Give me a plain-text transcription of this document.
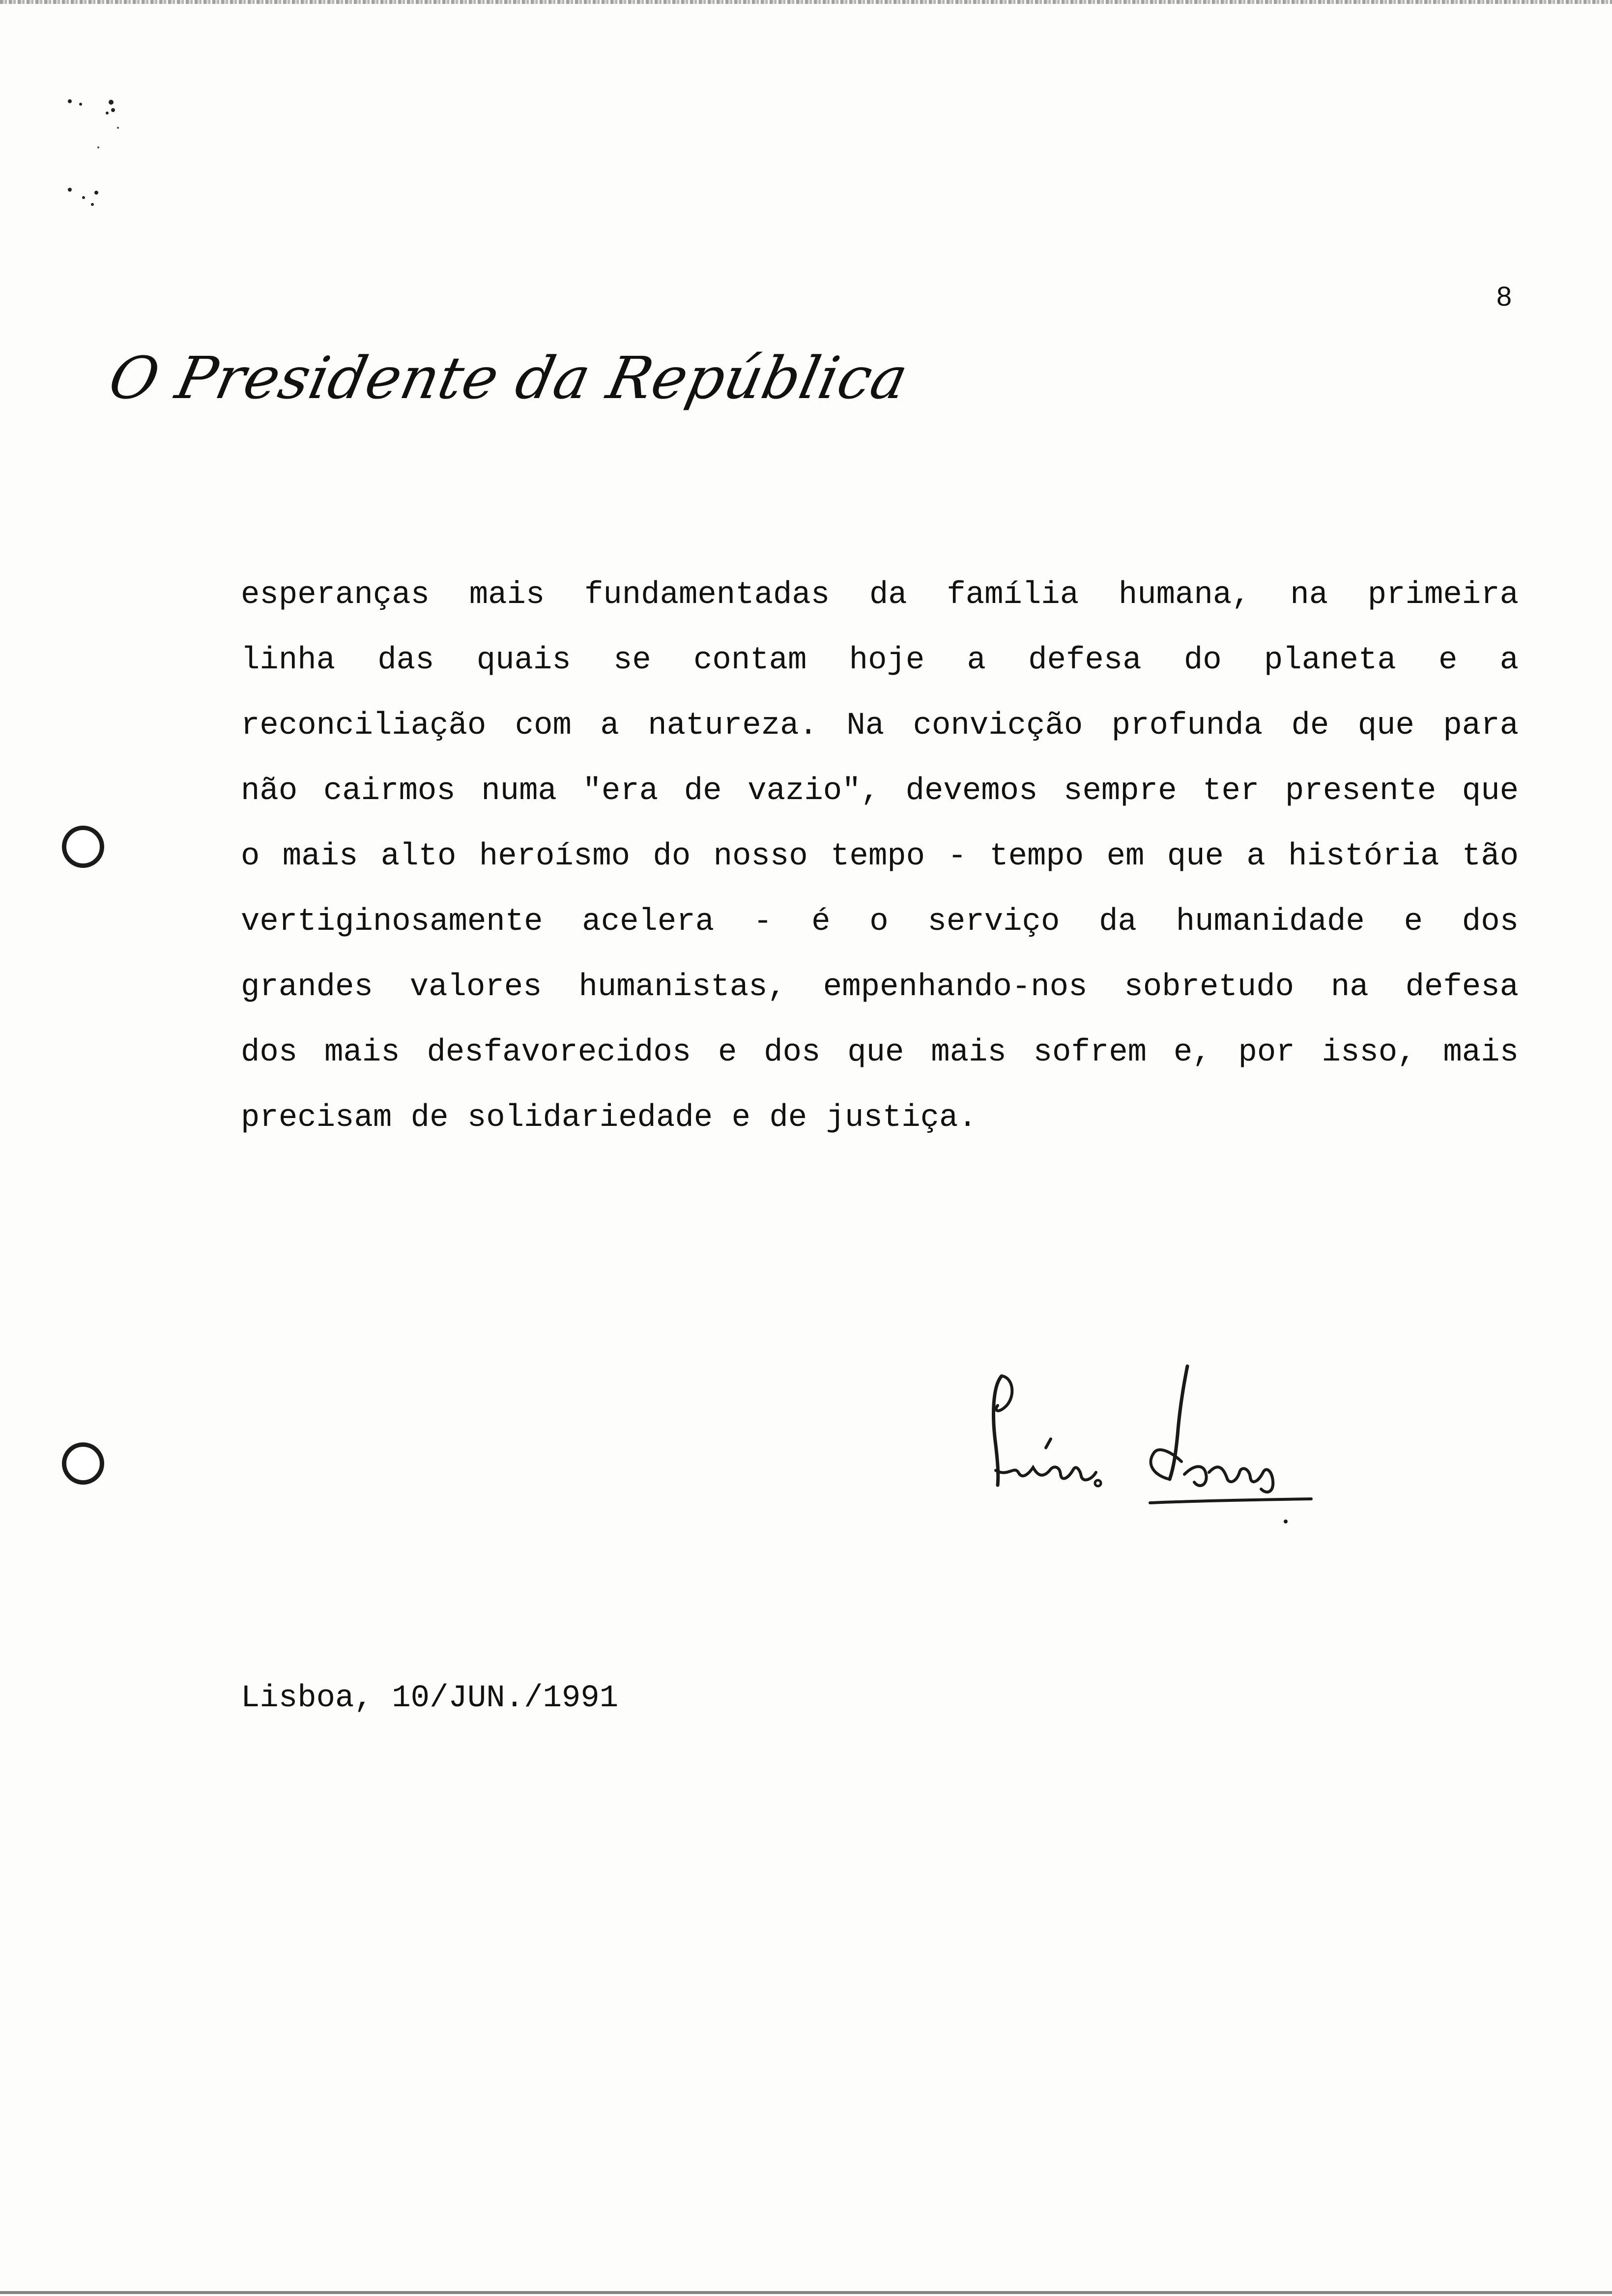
8
O Presidente da República
esperanças mais fundamentadas da família humana, na primeira
linha das quais se contam hoje a defesa do planeta e a
reconciliação com a natureza. Na convicção profunda de que para
não cairmos numa "era de vazio", devemos sempre ter presente que
o mais alto heroísmo do nosso tempo - tempo em que a história tão
vertiginosamente acelera - é o serviço da humanidade e dos
grandes valores humanistas, empenhando-nos sobretudo na defesa
dos mais desfavorecidos e dos que mais sofrem e, por isso, mais
precisam de solidariedade e de justiça.
Lisboa, 10/JUN./1991
